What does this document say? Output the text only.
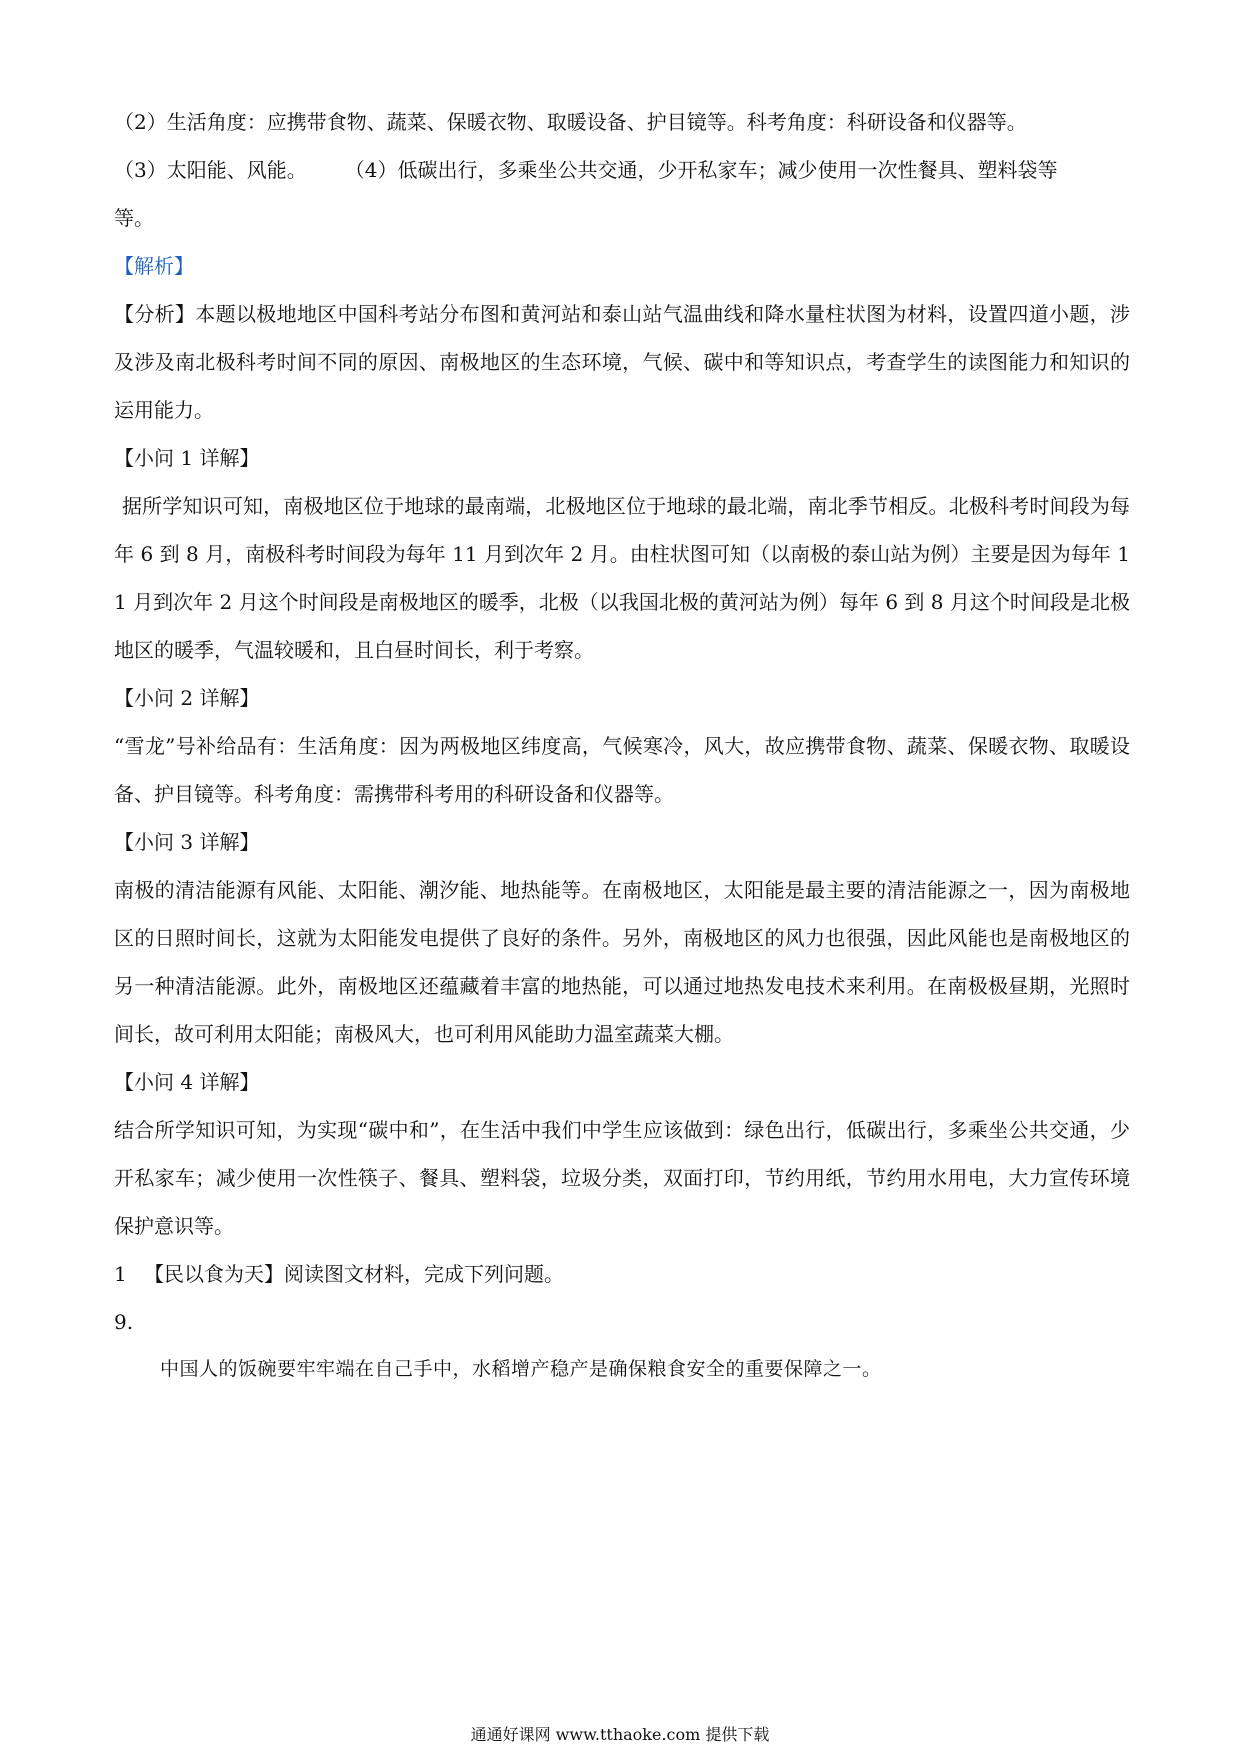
（2）生活角度：应携带食物、蔬菜、保暖衣物、取暖设备、护目镜等。科考角度：科研设备和仪器等。

（3）太阳能、风能。 （4）低碳出行，多乘坐公共交通，少开私家车；减少使用一次性餐具、塑料袋等

等。

【解析】

【分析】本题以极地地区中国科考站分布图和黄河站和泰山站气温曲线和降水量柱状图为材料，设置四道小题，涉及涉及南北极科考时间不同的原因、南极地区的生态环境，气候、碳中和等知识点，考查学生的读图能力和知识的运用能力。

【小问 1 详解】

据所学知识可知，南极地区位于地球的最南端，北极地区位于地球的最北端，南北季节相反。北极科考时间段为每年 6 到 8 月，南极科考时间段为每年 11 月到次年 2 月。由柱状图可知（以南极的泰山站为例）主要是因为每年 11 月到次年 2 月这个时间段是南极地区的暖季，北极（以我国北极的黄河站为例）每年 6 到 8 月这个时间段是北极地区的暖季，气温较暖和，且白昼时间长，利于考察。

【小问 2 详解】

“雪龙”号补给品有：生活角度：因为两极地区纬度高，气候寒冷，风大，故应携带食物、蔬菜、保暖衣物、取暖设备、护目镜等。科考角度：需携带科考用的科研设备和仪器等。

【小问 3 详解】

南极的清洁能源有风能、太阳能、潮汐能、地热能等。在南极地区，太阳能是最主要的清洁能源之一，因为南极地区的日照时间长，这就为太阳能发电提供了良好的条件。另外，南极地区的风力也很强，因此风能也是南极地区的另一种清洁能源。此外，南极地区还蕴藏着丰富的地热能，可以通过地热发电技术来利用。在南极极昼期，光照时间长，故可利用太阳能；南极风大，也可利用风能助力温室蔬菜大棚。

【小问 4 详解】

结合所学知识可知，为实现“碳中和”，在生活中我们中学生应该做到：绿色出行，低碳出行，多乘坐公共交通，少开私家车；减少使用一次性筷子、餐具、塑料袋，垃圾分类，双面打印，节约用纸，节约用水用电，大力宣传环境保护意识等。

19.

【民以食为天】阅读图文材料，完成下列问题。

中国人的饭碗要牢牢端在自己手中，水稻增产稳产是确保粮食安全的重要保障之一。

通通好课网 www.tthaoke.com 提供下载
